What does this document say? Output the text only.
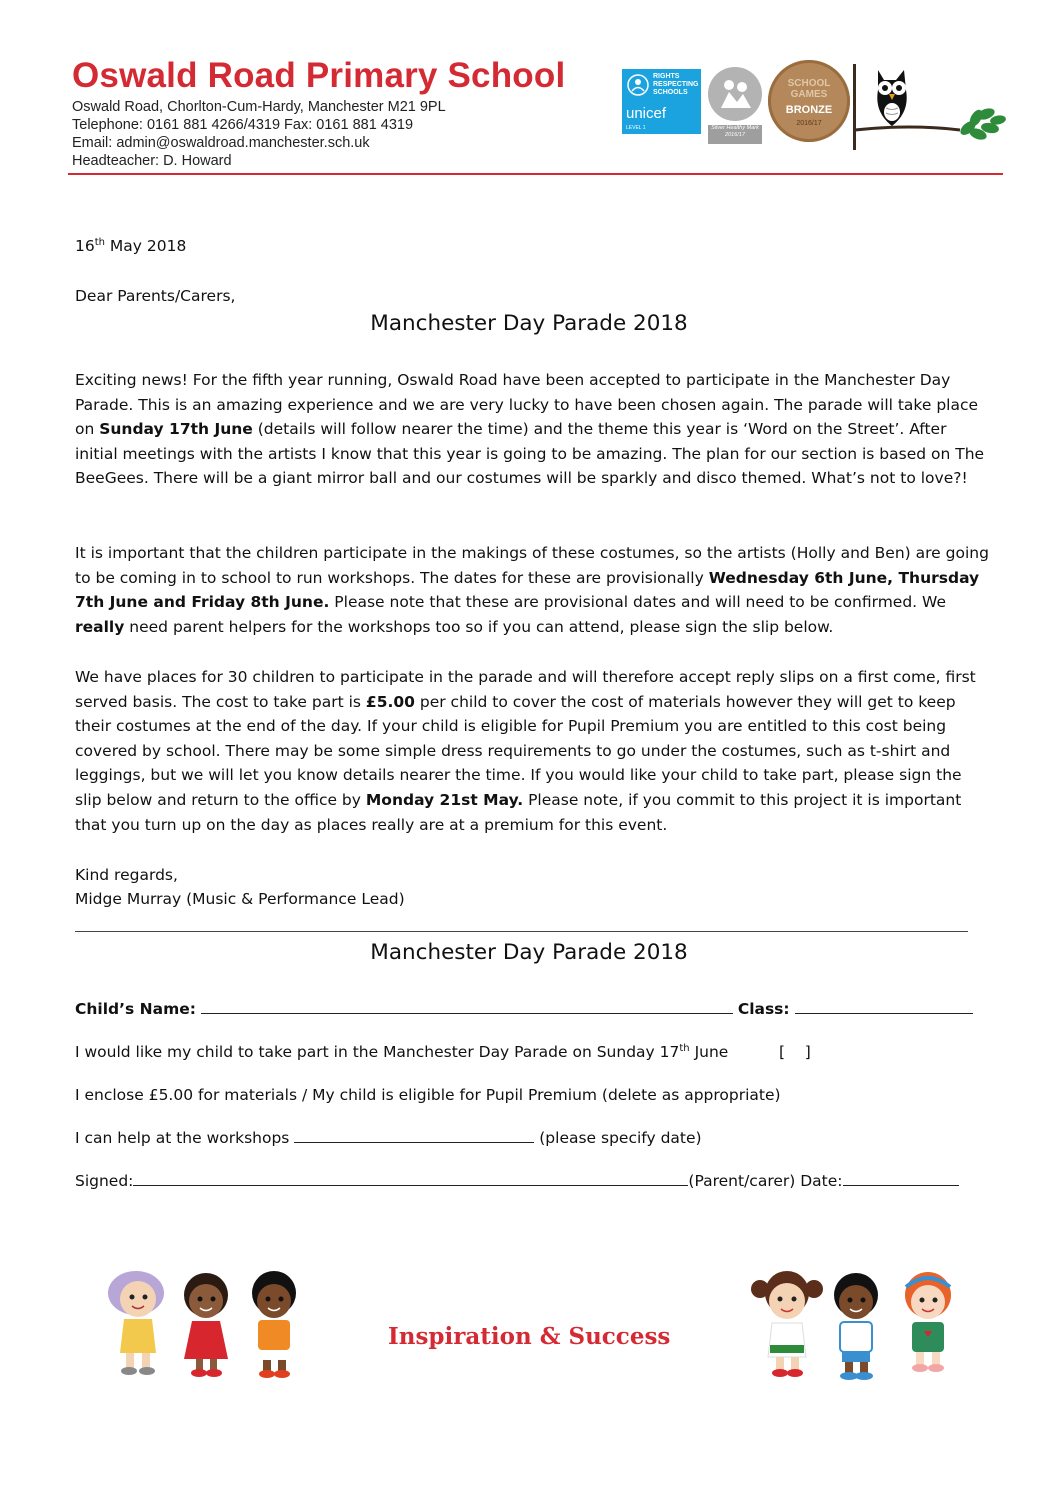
Oswald Road Primary School
Oswald Road, Chorlton-Cum-Hardy, Manchester M21 9PL
Telephone: 0161 881 4266/4319 Fax: 0161 881 4319
Email: admin@oswaldroad.manchester.sch.uk
Headteacher: D. Howard
RIGHTS
RESPECTING
SCHOOLS
unicef
LEVEL 1	Silver Healthy Mark 2016/17
SCHOOL
GAMES
BRONZE
2016/17
16th May 2018
Dear Parents/Carers,
Manchester Day Parade 2018

Exciting news! For the fifth year running, Oswald Road have been accepted to participate in the Manchester Day Parade. This is an amazing experience and we are very lucky to have been chosen again. The parade will take place on Sunday 17th June (details will follow nearer the time) and the theme this year is ‘Word on the Street’. After initial meetings with the artists I know that this year is going to be amazing. The plan for our section is based on The BeeGees. There will be a giant mirror ball and our costumes will be sparkly and disco themed. What’s not to love?!

It is important that the children participate in the makings of these costumes, so the artists (Holly and Ben) are going to be coming in to school to run workshops. The dates for these are provisionally Wednesday 6th June, Thursday 7th June and Friday 8th June. Please note that these are provisional dates and will need to be confirmed. We really need parent helpers for the workshops too so if you can attend, please sign the slip below.

We have places for 30 children to participate in the parade and will therefore accept reply slips on a first come, first served basis. The cost to take part is £5.00 per child to cover the cost of materials however they will get to keep their costumes at the end of the day. If your child is eligible for Pupil Premium you are entitled to this cost being covered by school. There may be some simple dress requirements to go under the costumes, such as t-shirt and leggings, but we will let you know details nearer the time. If you would like your child to take part, please sign the slip below and return to the office by Monday 21st May. Please note, if you commit to this project it is important that you turn up on the day as places really are at a premium for this event.

Kind regards,
Midge Murray (Music & Performance Lead)
Manchester Day Parade 2018
Child’s Name:	Class:
I would like my child to take part in the Manchester Day Parade on Sunday 17th June	[    ]
I enclose £5.00 for materials / My child is eligible for Pupil Premium (delete as appropriate)
I can help at the workshops	(please specify date)
Signed:	(Parent/carer) Date:
Inspiration & Success
